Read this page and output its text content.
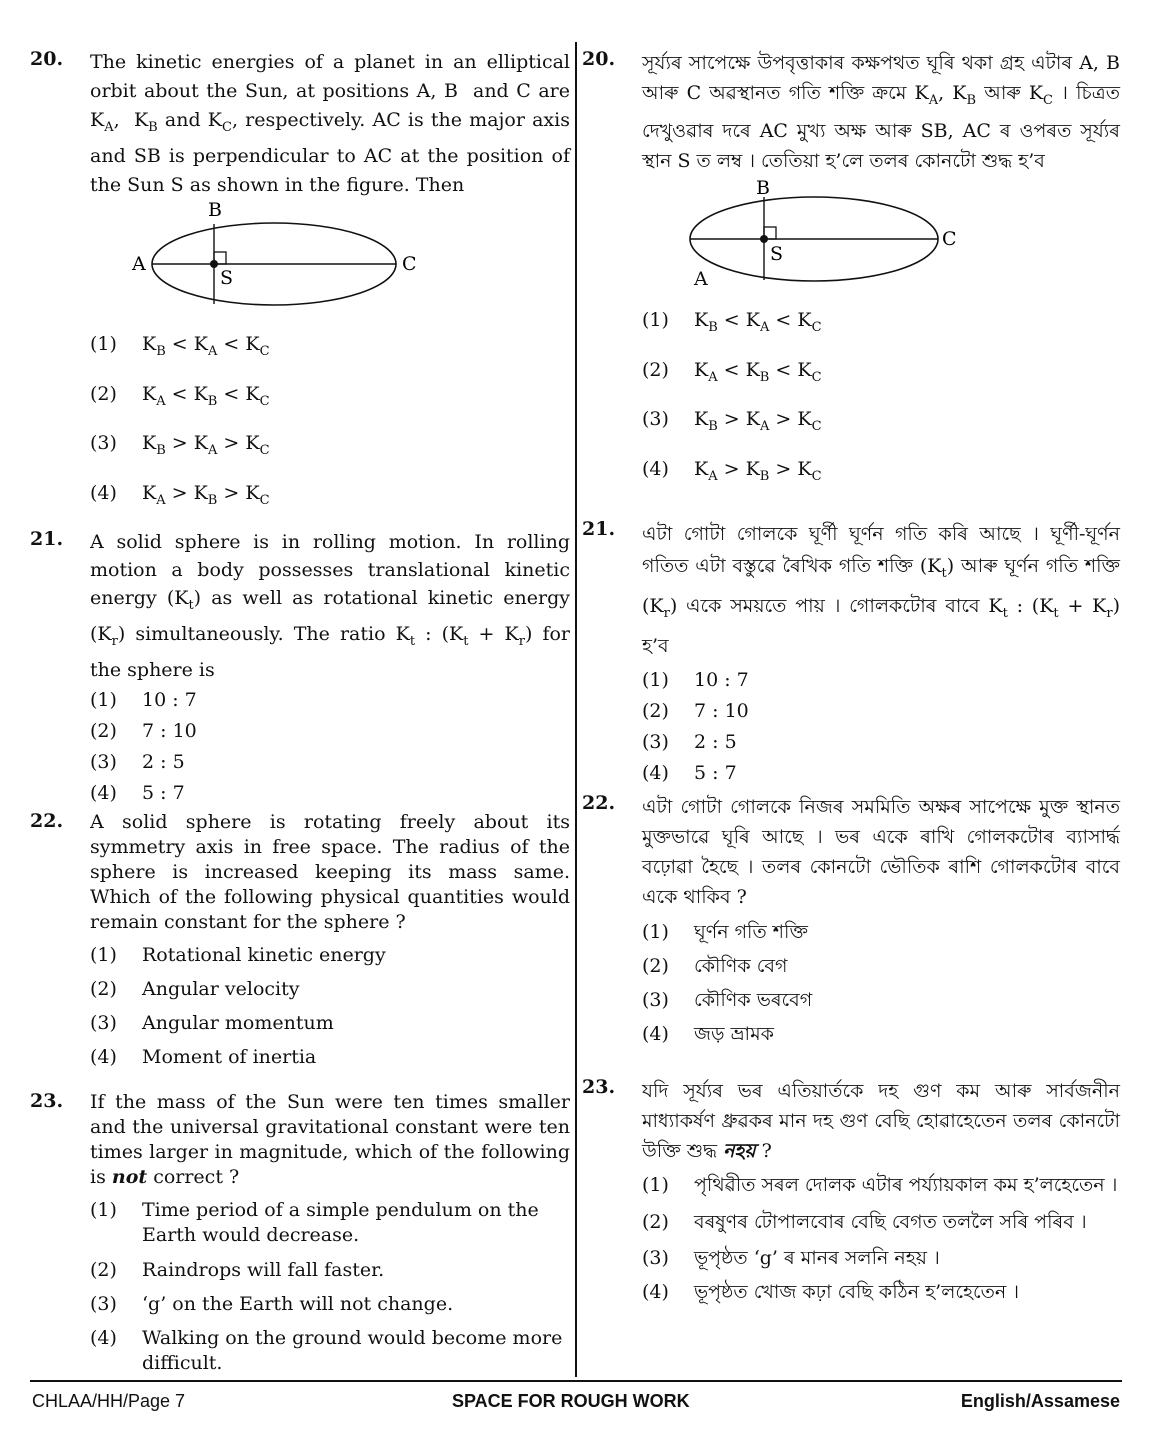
20. The kinetic energies of a planet in an elliptical orbit about the Sun, at positions A, B  and C are $K_A$,  $K_B$ and $K_C$, respectively. AC is the major axis and SB is perpendicular to AC at the position of the Sun S as shown in the figure. Then
A
B
C
S
(1) $K_B < K_A < K_C$
(2) $K_A < K_B < K_C$
(3) $K_B > K_A > K_C$
(4) $K_A > K_B > K_C$
21. A solid sphere is in rolling motion. In rolling motion a body possesses translational kinetic energy $(K_t)$ as well as rotational kinetic energy $(K_r)$ simultaneously. The ratio $K_t$ : $(K_t + K_r)$ for the sphere is
(1) 10 : 7
(2) 7 : 10
(3) 2 : 5
(4) 5 : 7
22. A solid sphere is rotating freely about its symmetry axis in free space. The radius of the sphere is increased keeping its mass same. Which of the following physical quantities would remain constant for the sphere ?
(1) Rotational kinetic energy
(2) Angular velocity
(3) Angular momentum
(4) Moment of inertia
23. If the mass of the Sun were ten times smaller and the universal gravitational constant were ten times larger in magnitude, which of the following is not correct ?
(1) Time period of a simple pendulum on the Earth would decrease.
(2) Raindrops will fall faster.
(3) ‘g’ on the Earth will not change.
(4) Walking on the ground would become more difficult.
20. সূৰ্য্যৰ সাপেক্ষে উপবৃত্তাকাৰ কক্ষপথত ঘূৰি থকা গ্ৰহ এটাৰ A, B আৰু C অৱস্থানত গতি শক্তি ক্ৰমে $K_A$, $K_B$ আৰু $K_C$ । চিত্ৰত দেখুওৱাৰ দৰে AC মুখ্য অক্ষ আৰু SB, AC ৰ ওপৰত সূৰ্য্যৰ স্থান S ত লম্ব । তেতিয়া হ’লে তলৰ কোনটো শুদ্ধ হ’ব
B
C
S
A
(1) $K_B < K_A < K_C$
(2) $K_A < K_B < K_C$
(3) $K_B > K_A > K_C$
(4) $K_A > K_B > K_C$
21. এটা গোটা গোলকে ঘূৰ্ণী ঘূৰ্ণন গতি কৰি আছে । ঘূৰ্ণী-ঘূৰ্ণন গতিত এটা বস্তুৱে ৰৈখিক গতি শক্তি $(K_t)$ আৰু ঘূৰ্ণন গতি শক্তি $(K_r)$ একে সময়তে পায় । গোলকটোৰ বাবে $K_t$ : $(K_t + K_r)$ হ’ব
(1) 10 : 7
(2) 7 : 10
(3) 2 : 5
(4) 5 : 7
22. এটা গোটা গোলকে নিজৰ সমমিতি অক্ষৰ সাপেক্ষে মুক্ত স্থানত মুক্তভাৱে ঘূৰি আছে । ভৰ একে ৰাখি গোলকটোৰ ব্যাসাৰ্দ্ধ বঢ়োৱা হৈছে । তলৰ কোনটো ভৌতিক ৰাশি গোলকটোৰ বাবে একে থাকিব ?
(1) ঘূৰ্ণন গতি শক্তি
(2) কৌণিক বেগ
(3) কৌণিক ভৰবেগ
(4) জড় ভ্ৰামক
23. যদি সূৰ্য্যৰ ভৰ এতিয়াৰ্তকে দহ গুণ কম আৰু সাৰ্বজনীন মাধ্যাকৰ্ষণ ধ্ৰুৱকৰ মান দহ গুণ বেছি হোৱাহেতেন তলৰ কোনটো উক্তি শুদ্ধ নহয় ?
(1) পৃথিৱীত সৰল দোলক এটাৰ পৰ্য্যায়কাল কম হ’লহেতেন ।
(2) বৰষুণৰ টোপালবোৰ বেছি বেগত তললৈ সৰি পৰিব ।
(3) ভূপৃষ্ঠত ‘g’ ৰ মানৰ সলনি নহয় ।
(4) ভূপৃষ্ঠত খোজ কঢ়া বেছি কঠিন হ’লহেতেন ।
CHLAA/HH/Page 7	SPACE FOR ROUGH WORK	English/Assamese
